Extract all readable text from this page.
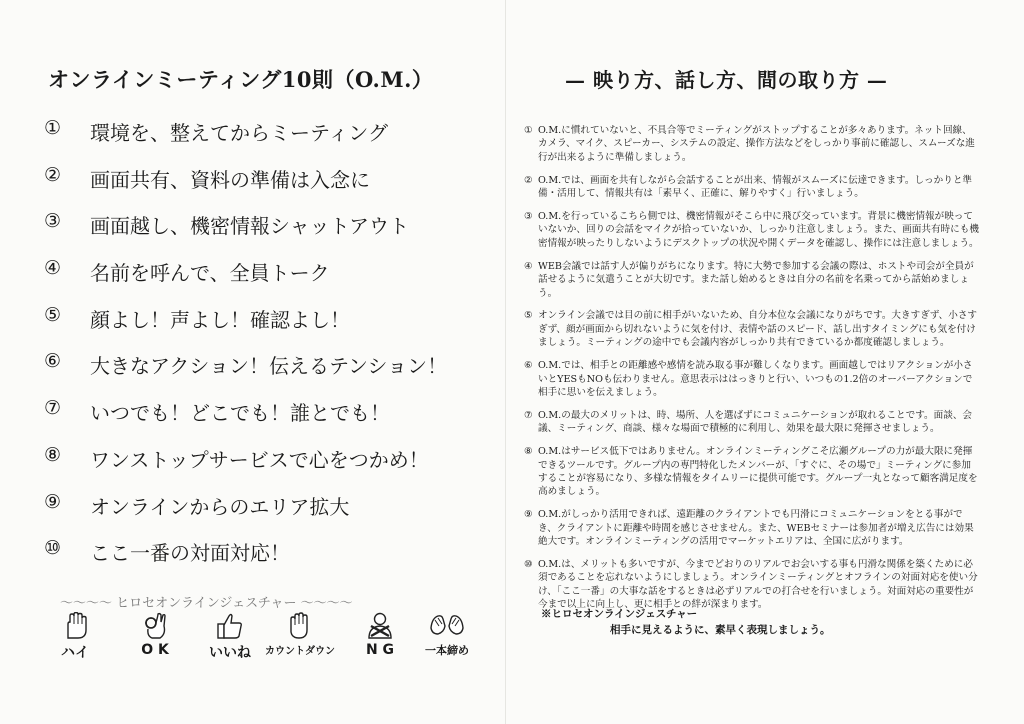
オンラインミーティング10則（O.M.）
①	環境を、整えてからミーティング
②	画面共有、資料の準備は入念に
③	画面越し、機密情報シャットアウト
④	名前を呼んで、全員トーク
⑤	顔よし！声よし！確認よし！
⑥	大きなアクション！伝えるテンション！
⑦	いつでも！どこでも！誰とでも！
⑧	ワンストップサービスで心をつかめ！
⑨	オンラインからのエリア拡大
⑩	ここ一番の対面対応！
〜〜〜〜 ヒロセオンラインジェスチャー 〜〜〜〜
ハイ	O K	いいね	カウントダウン	N G	一本締め
— 映り方、話し方、間の取り方 —
① O.M.に慣れていないと、不具合等でミーティングがストップすることが多々あります。ネット回線、カメラ、マイク、スピーカー、システムの設定、操作方法などをしっかり事前に確認し、スムーズな進行が出来るように準備しましょう。
② O.M.では、画面を共有しながら会話することが出来、情報がスムーズに伝達できます。しっかりと準備・活用して、情報共有は「素早く、正確に、解りやすく」行いましょう。
③ O.M.を行っているこちら側では、機密情報がそこら中に飛び交っています。背景に機密情報が映っていないか、回りの会話をマイクが拾っていないか、しっかり注意しましょう。また、画面共有時にも機密情報が映ったりしないようにデスクトップの状況や開くデータを確認し、操作には注意しましょう。
④ WEB会議では話す人が偏りがちになります。特に大勢で参加する会議の際は、ホストや司会が全員が話せるように気遣うことが大切です。また話し始めるときは自分の名前を名乗ってから話始めましょう。
⑤ オンライン会議では目の前に相手がいないため、自分本位な会議になりがちです。大きすぎず、小さすぎず、顔が画面から切れないように気を付け、表情や話のスピード、話し出すタイミングにも気を付けましょう。ミーティングの途中でも会議内容がしっかり共有できているか都度確認しましょう。
⑥ O.M.では、相手との距離感や感情を読み取る事が難しくなります。画面越しではリアクションが小さいとYESもNOも伝わりません。意思表示ははっきりと行い、いつもの1.2倍のオーバーアクションで相手に思いを伝えましょう。
⑦ O.M.の最大のメリットは、時、場所、人を選ばずにコミュニケーションが取れることです。面談、会議、ミーティング、商談、様々な場面で積極的に利用し、効果を最大限に発揮させましょう。
⑧ O.M.はサービス低下ではありません。オンラインミーティングこそ広瀬グループの力が最大限に発揮できるツールです。グループ内の専門特化したメンバーが、「すぐに、その場で」ミーティングに参加することが容易になり、多様な情報をタイムリーに提供可能です。グループ一丸となって顧客満足度を高めましょう。
⑨ O.M.がしっかり活用できれば、遠距離のクライアントでも円滑にコミュニケーションをとる事ができ、クライアントに距離や時間を感じさせません。また、WEBセミナーは参加者が増え広告には効果絶大です。オンラインミーティングの活用でマーケットエリアは、全国に広がります。
⑩ O.M.は、メリットも多いですが、今までどおりのリアルでお会いする事も円滑な関係を築くために必須であることを忘れないようにしましょう。オンラインミーティングとオフラインの対面対応を使い分け、「ここ一番」の大事な話をするときは必ずリアルでの打合せを行いましょう。対面対応の重要性が今まで以上に向上し、更に相手との絆が深まります。
※ヒロセオンラインジェスチャー
相手に見えるように、素早く表現しましょう。
